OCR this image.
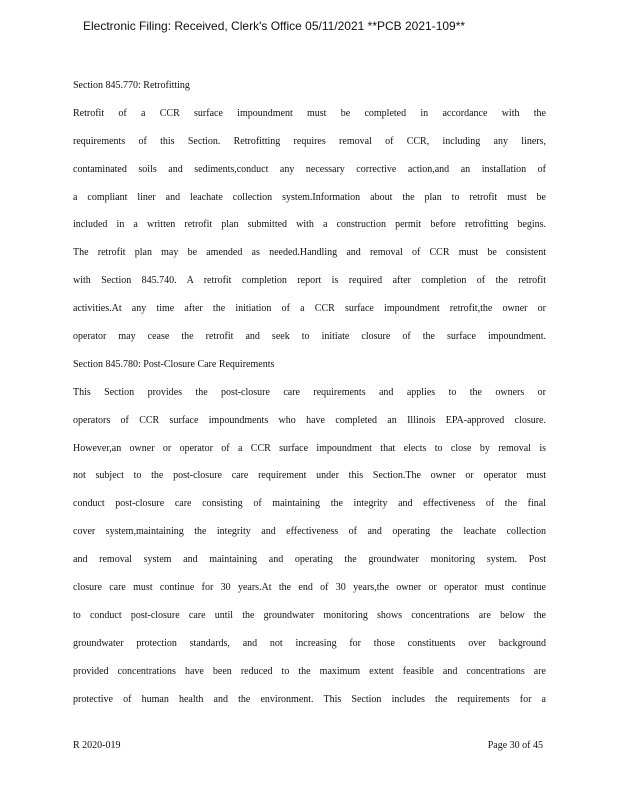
Electronic Filing: Received, Clerk's Office 05/11/2021 **PCB 2021-109**
Section 845.770: Retrofitting
Retrofit of a CCR surface impoundment must be completed in accordance with the
requirements of this Section. Retrofitting requires removal of CCR, including any liners,
contaminated soils and sediments,conduct any necessary corrective action,and an installation of
a compliant liner and leachate collection system.Information about the plan to retrofit must be
included in a written retrofit plan submitted with a construction permit before retrofitting begins.
The retrofit plan may be amended as needed.Handling and removal of CCR must be consistent
with Section 845.740. A retrofit completion report is required after completion of the retrofit
activities.At any time after the initiation of a CCR surface impoundment retrofit,the owner or
operator may cease the retrofit and seek to initiate closure of the surface impoundment.
Section 845.780: Post-Closure Care Requirements
This Section provides the post-closure care requirements and applies to the owners or
operators of CCR surface impoundments who have completed an Illinois EPA-approved closure.
However,an owner or operator of a CCR surface impoundment that elects to close by removal is
not subject to the post-closure care requirement under this Section.The owner or operator must
conduct post-closure care consisting of maintaining the integrity and effectiveness of the final
cover system,maintaining the integrity and effectiveness of and operating the leachate collection
and removal system and maintaining and operating the groundwater monitoring system. Post
closure care must continue for 30 years.At the end of 30 years,the owner or operator must continue
to conduct post-closure care until the groundwater monitoring shows concentrations are below the
groundwater protection standards, and not increasing for those constituents over background
provided concentrations have been reduced to the maximum extent feasible and concentrations are
protective of human health and the environment. This Section includes the requirements for a
R 2020-019	Page 30 of 45
